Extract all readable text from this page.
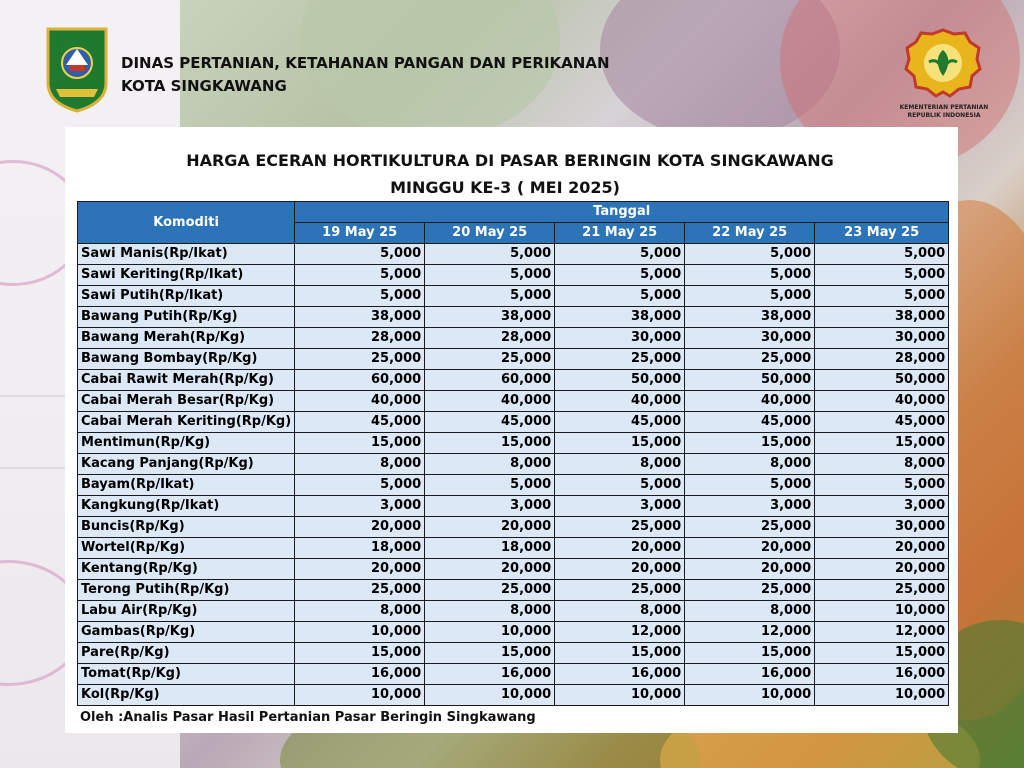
DINAS PERTANIAN, KETAHANAN PANGAN DAN PERIKANAN
KOTA SINGKAWANG
KEMENTERIAN PERTANIAN
REPUBLIK INDONESIA
HARGA ECERAN HORTIKULTURA DI PASAR BERINGIN KOTA SINGKAWANG
MINGGU KE-3 ( MEI 2025)
Komoditi	Tanggal				
	19 May 25	20 May 25	21 May 25	22 May 25	23 May 25
Sawi Manis(Rp/Ikat)	5,000	5,000	5,000	5,000	5,000
Sawi Keriting(Rp/Ikat)	5,000	5,000	5,000	5,000	5,000
Sawi Putih(Rp/Ikat)	5,000	5,000	5,000	5,000	5,000
Bawang Putih(Rp/Kg)	38,000	38,000	38,000	38,000	38,000
Bawang Merah(Rp/Kg)	28,000	28,000	30,000	30,000	30,000
Bawang Bombay(Rp/Kg)	25,000	25,000	25,000	25,000	28,000
Cabai Rawit Merah(Rp/Kg)	60,000	60,000	50,000	50,000	50,000
Cabai Merah Besar(Rp/Kg)	40,000	40,000	40,000	40,000	40,000
Cabai Merah Keriting(Rp/Kg)	45,000	45,000	45,000	45,000	45,000
Mentimun(Rp/Kg)	15,000	15,000	15,000	15,000	15,000
Kacang Panjang(Rp/Kg)	8,000	8,000	8,000	8,000	8,000
Bayam(Rp/Ikat)	5,000	5,000	5,000	5,000	5,000
Kangkung(Rp/Ikat)	3,000	3,000	3,000	3,000	3,000
Buncis(Rp/Kg)	20,000	20,000	25,000	25,000	30,000
Wortel(Rp/Kg)	18,000	18,000	20,000	20,000	20,000
Kentang(Rp/Kg)	20,000	20,000	20,000	20,000	20,000
Terong Putih(Rp/Kg)	25,000	25,000	25,000	25,000	25,000
Labu Air(Rp/Kg)	8,000	8,000	8,000	8,000	10,000
Gambas(Rp/Kg)	10,000	10,000	12,000	12,000	12,000
Pare(Rp/Kg)	15,000	15,000	15,000	15,000	15,000
Tomat(Rp/Kg)	16,000	16,000	16,000	16,000	16,000
Kol(Rp/Kg)	10,000	10,000	10,000	10,000	10,000
Oleh :Analis Pasar Hasil Pertanian Pasar Beringin Singkawang
